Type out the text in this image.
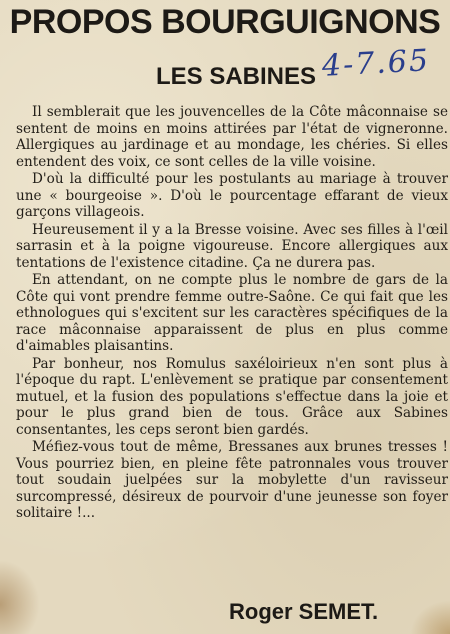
PROPOS BOURGUIGNONS
LES SABINES 4-7.65

Il semblerait que les jouvencelles de la Côte mâconnaise se sentent de moins en moins attirées par l'état de vigneronne. Allergiques au jardinage et au mondage, les chéries. Si elles entendent des voix, ce sont celles de la ville voisine.

D'où la difficulté pour les postulants au mariage à trouver une « bourgeoise ». D'où le pourcentage effarant de vieux garçons villageois.

Heureusement il y a la Bresse voisine. Avec ses filles à l'œil sarrasin et à la poigne vigoureuse. Encore allergiques aux tentations de l'existence citadine. Ça ne durera pas.

En attendant, on ne compte plus le nombre de gars de la Côte qui vont prendre femme outre-Saône. Ce qui fait que les ethnologues qui s'excitent sur les caractères spécifiques de la race mâconnaise apparaissent de plus en plus comme d'aimables plaisantins.

Par bonheur, nos Romulus saxéloirieux n'en sont plus à l'époque du rapt. L'enlèvement se pratique par consentement mutuel, et la fusion des populations s'effectue dans la joie et pour le plus grand bien de tous. Grâce aux Sabines consentantes, les ceps seront bien gardés.

Méfiez-vous tout de même, Bressanes aux brunes tresses ! Vous pourriez bien, en pleine fête patronnales vous trouver tout soudain juelpées sur la mobylette d'un ravisseur surcompressé, désireux de pourvoir d'une jeunesse son foyer solitaire !...

Roger SEMET.
